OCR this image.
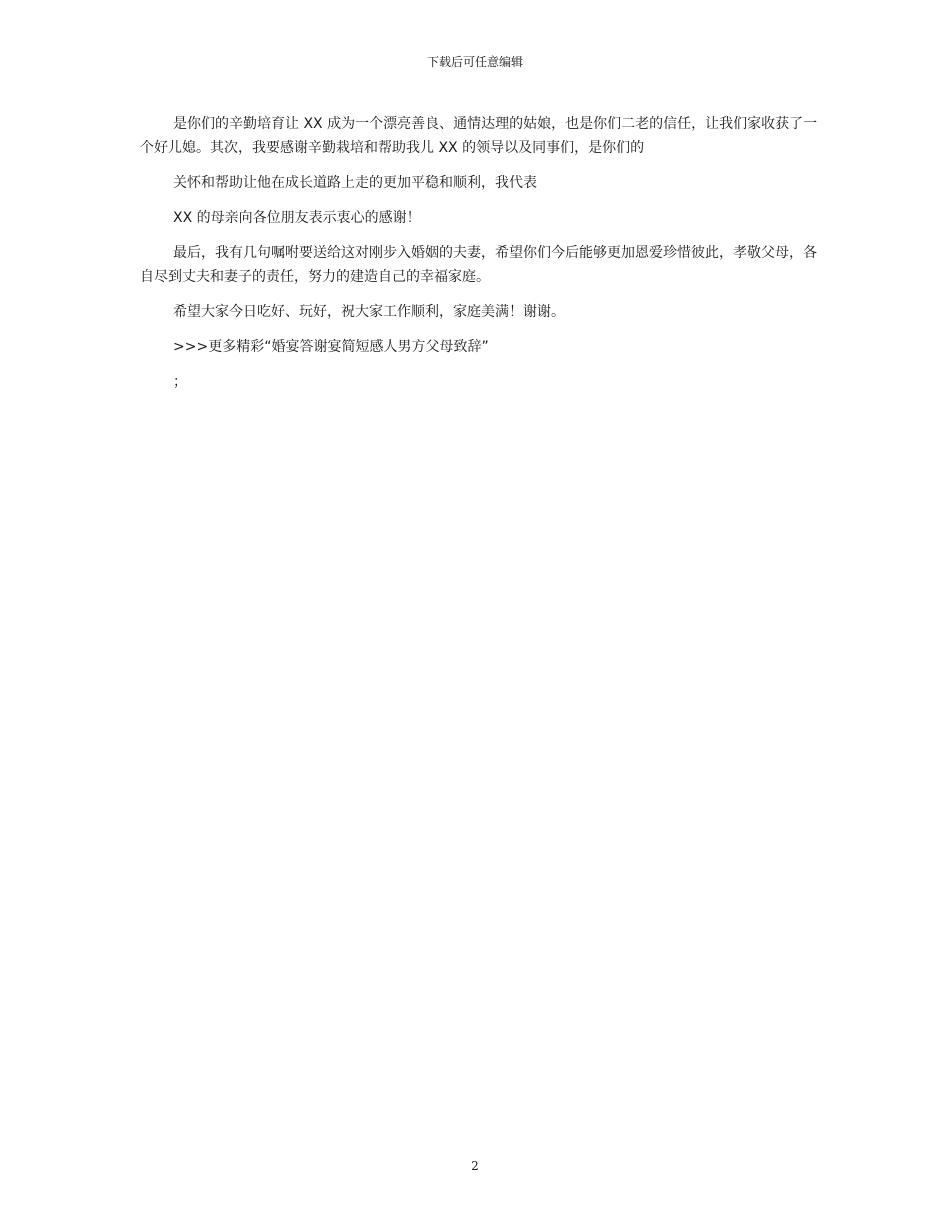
下载后可任意编辑

是你们的辛勤培育让 XX 成为一个漂亮善良、通情达理的姑娘，也是你们二老的信任，让我们家收获了一个好儿媳。其次，我要感谢辛勤栽培和帮助我儿 XX 的领导以及同事们，是你们的

关怀和帮助让他在成长道路上走的更加平稳和顺利，我代表

XX 的母亲向各位朋友表示衷心的感谢！

最后，我有几句嘱咐要送给这对刚步入婚姻的夫妻，希望你们今后能够更加恩爱珍惜彼此，孝敬父母，各自尽到丈夫和妻子的责任，努力的建造自己的幸福家庭。

希望大家今日吃好、玩好，祝大家工作顺利，家庭美满！谢谢。

>>>更多精彩“婚宴答谢宴简短感人男方父母致辞”

；

2
